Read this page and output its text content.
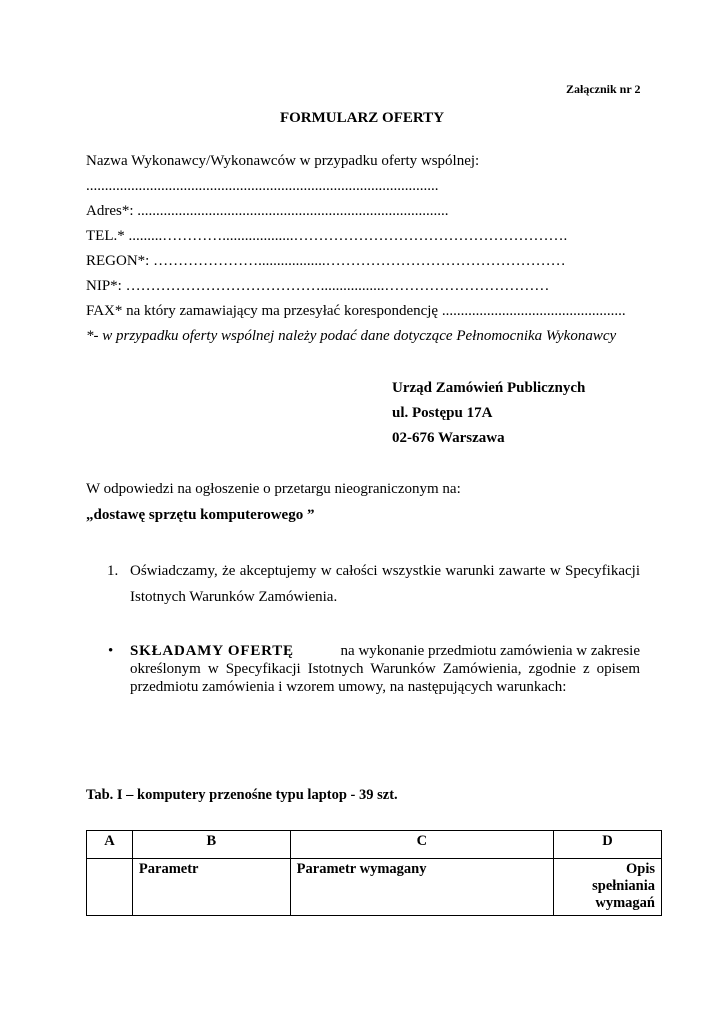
Załącznik nr 2
FORMULARZ OFERTY
Nazwa Wykonawcy/Wykonawców w przypadku oferty wspólnej:
..............................................................................................
Adres*: ...................................................................................
TEL.* .........…………...................……………………………………………….
REGON*: …………………..................…………………………………………
NIP*: ………………………………….................……………………………
FAX* na który zamawiający ma przesyłać korespondencję .................................................
*- w przypadku oferty wspólnej należy podać dane dotyczące Pełnomocnika Wykonawcy
Urząd Zamówień Publicznych
ul. Postępu 17A
02-676 Warszawa
W odpowiedzi na ogłoszenie o przetargu nieograniczonym na:
„dostawę sprzętu komputerowego ”
1. Oświadczamy, że akceptujemy w całości wszystkie warunki zawarte w Specyfikacji
Istotnych Warunków Zamówienia.
• SKŁADAMY OFERTĘ	na wykonanie przedmiotu zamówienia w zakresie
określonym w Specyfikacji Istotnych Warunków Zamówienia, zgodnie z opisem
przedmiotu zamówienia i wzorem umowy, na następujących warunkach:
Tab. I – komputery przenośne typu laptop - 39 szt.
A	B	C	D
	Parametr	Parametr wymagany	Opis spełniania wymagań
